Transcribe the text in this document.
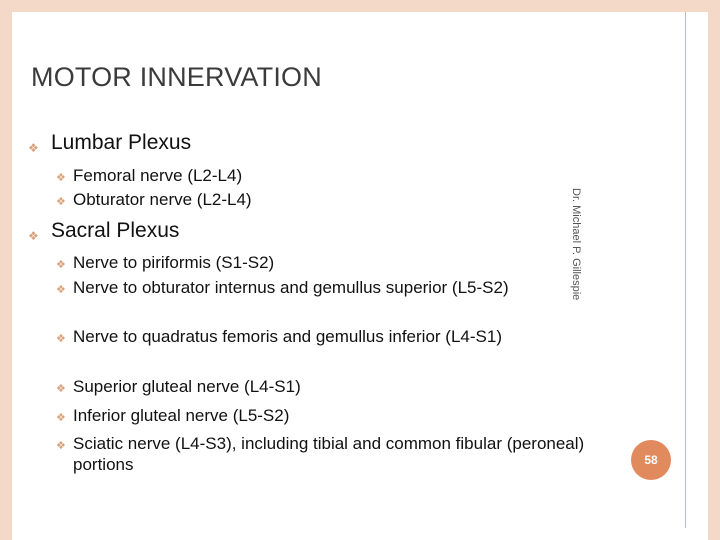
MOTOR INNERVATION
❖ Lumbar Plexus
❖ Femoral nerve (L2-L4)
❖ Obturator nerve (L2-L4)
❖ Sacral Plexus
❖ Nerve to piriformis (S1-S2)
❖ Nerve to obturator internus and gemullus superior (L5-S2)
❖ Nerve to quadratus femoris and gemullus inferior (L4-S1)
❖ Superior gluteal nerve (L4-S1)
❖ Inferior gluteal nerve (L5-S2)
❖ Sciatic nerve (L4-S3), including tibial and common fibular (peroneal) portions
Dr. Michael P. Gillespie
58
